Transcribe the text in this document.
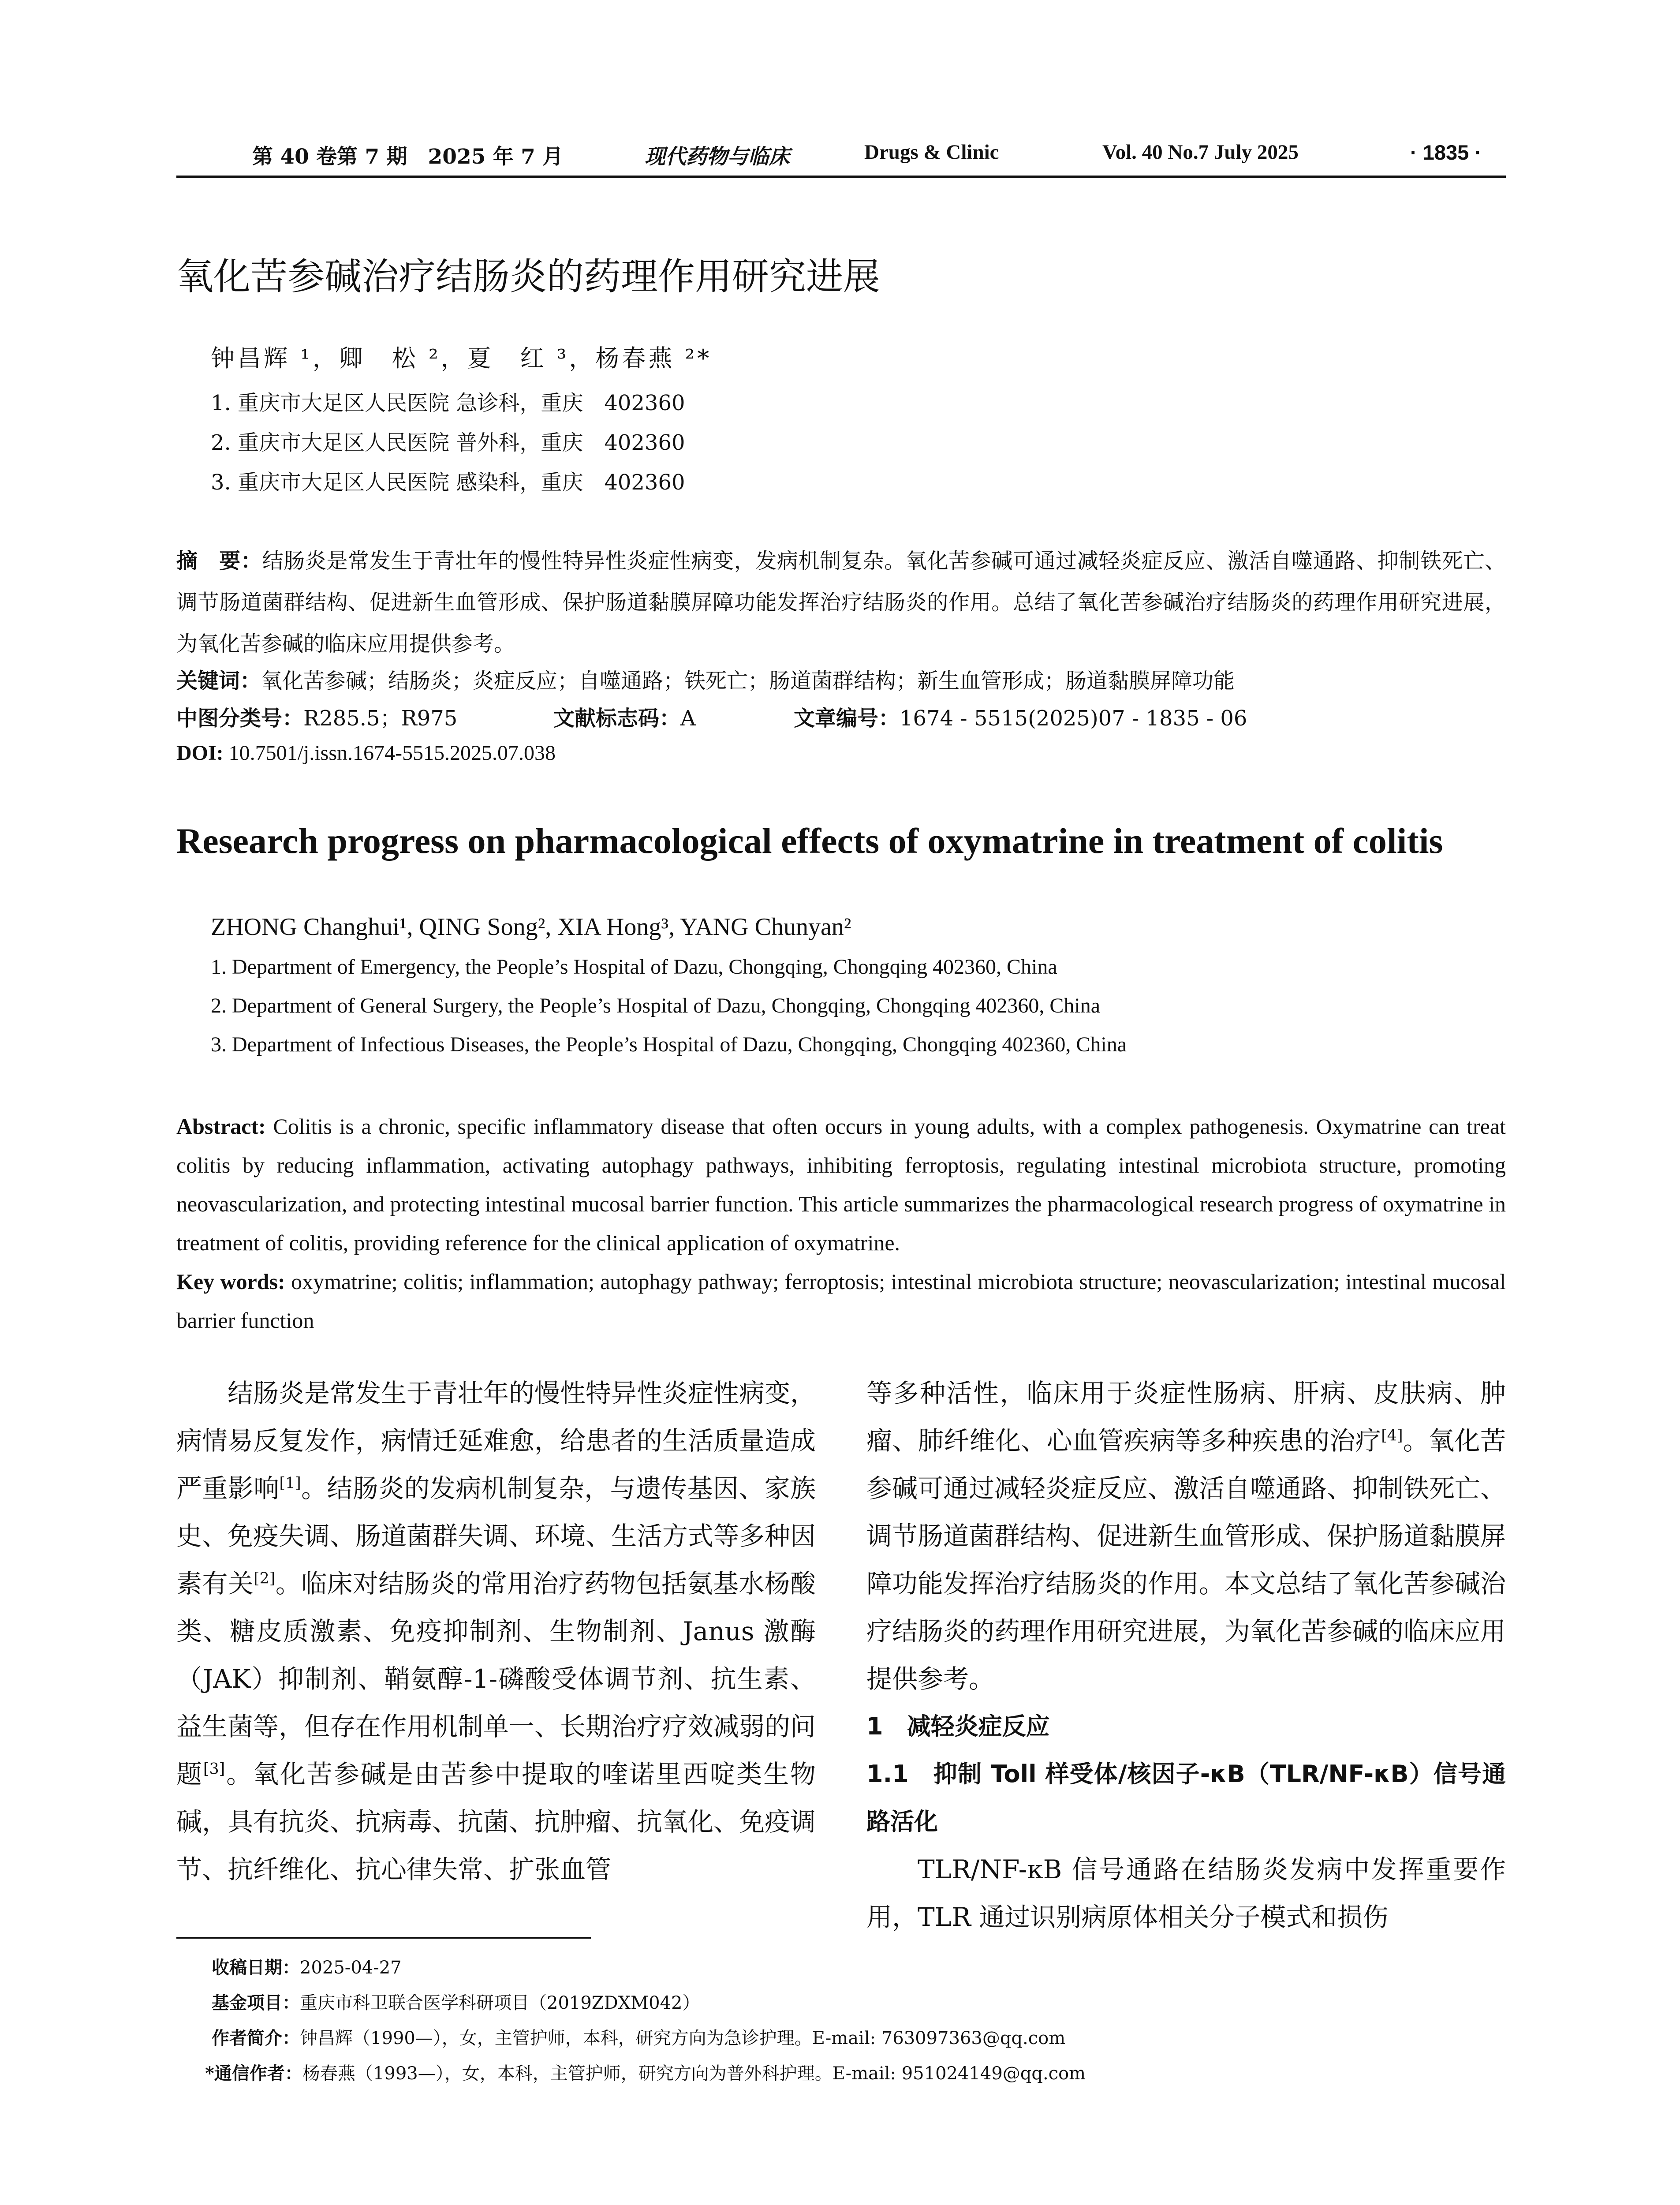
第 40 卷第 7 期　2025 年 7 月	现代药物与临床	Drugs & Clinic	Vol. 40 No.7 July 2025	· 1835 ·
氧化苦参碱治疗结肠炎的药理作用研究进展
钟昌辉 ¹，卿　松 ²，夏　红 ³，杨春燕 ²*
1. 重庆市大足区人民医院 急诊科，重庆　402360
2. 重庆市大足区人民医院 普外科，重庆　402360
3. 重庆市大足区人民医院 感染科，重庆　402360
摘　要：结肠炎是常发生于青壮年的慢性特异性炎症性病变，发病机制复杂。氧化苦参碱可通过减轻炎症反应、激活自噬通路、抑制铁死亡、调节肠道菌群结构、促进新生血管形成、保护肠道黏膜屏障功能发挥治疗结肠炎的作用。总结了氧化苦参碱治疗结肠炎的药理作用研究进展，为氧化苦参碱的临床应用提供参考。
关键词：氧化苦参碱；结肠炎；炎症反应；自噬通路；铁死亡；肠道菌群结构；新生血管形成；肠道黏膜屏障功能
中图分类号：R285.5；R975	文献标志码：A	文章编号：1674 - 5515(2025)07 - 1835 - 06
DOI: 10.7501/j.issn.1674-5515.2025.07.038
Research progress on pharmacological effects of oxymatrine in treatment of colitis
ZHONG Changhui¹, QING Song², XIA Hong³, YANG Chunyan²
1. Department of Emergency, the People’s Hospital of Dazu, Chongqing, Chongqing 402360, China
2. Department of General Surgery, the People’s Hospital of Dazu, Chongqing, Chongqing 402360, China
3. Department of Infectious Diseases, the People’s Hospital of Dazu, Chongqing, Chongqing 402360, China
Abstract: Colitis is a chronic, specific inflammatory disease that often occurs in young adults, with a complex pathogenesis. Oxymatrine can treat colitis by reducing inflammation, activating autophagy pathways, inhibiting ferroptosis, regulating intestinal microbiota structure, promoting neovascularization, and protecting intestinal mucosal barrier function. This article summarizes the pharmacological research progress of oxymatrine in treatment of colitis, providing reference for the clinical application of oxymatrine.
Key words: oxymatrine; colitis; inflammation; autophagy pathway; ferroptosis; intestinal microbiota structure; neovascularization; intestinal mucosal barrier function

结肠炎是常发生于青壮年的慢性特异性炎症性病变，病情易反复发作，病情迁延难愈，给患者的生活质量造成严重影响[1]。结肠炎的发病机制复杂，与遗传基因、家族史、免疫失调、肠道菌群失调、环境、生活方式等多种因素有关[2]。临床对结肠炎的常用治疗药物包括氨基水杨酸类、糖皮质激素、免疫抑制剂、生物制剂、Janus 激酶（JAK）抑制剂、鞘氨醇-1-磷酸受体调节剂、抗生素、益生菌等，但存在作用机制单一、长期治疗疗效减弱的问题[3]。氧化苦参碱是由苦参中提取的喹诺里西啶类生物碱，具有抗炎、抗病毒、抗菌、抗肿瘤、抗氧化、免疫调节、抗纤维化、抗心律失常、扩张血管

等多种活性，临床用于炎症性肠病、肝病、皮肤病、肿瘤、肺纤维化、心血管疾病等多种疾患的治疗[4]。氧化苦参碱可通过减轻炎症反应、激活自噬通路、抑制铁死亡、调节肠道菌群结构、促进新生血管形成、保护肠道黏膜屏障功能发挥治疗结肠炎的作用。本文总结了氧化苦参碱治疗结肠炎的药理作用研究进展，为氧化苦参碱的临床应用提供参考。

1　减轻炎症反应

1.1　抑制 Toll 样受体/核因子-κB（TLR/NF-κB）信号通路活化

TLR/NF-κB 信号通路在结肠炎发病中发挥重要作用，TLR 通过识别病原体相关分子模式和损伤

收稿日期：2025-04-27
基金项目：重庆市科卫联合医学科研项目（2019ZDXM042）
作者简介：钟昌辉（1990—），女，主管护师，本科，研究方向为急诊护理。E-mail: 763097363@qq.com
*通信作者：杨春燕（1993—），女，本科，主管护师，研究方向为普外科护理。E-mail: 951024149@qq.com
